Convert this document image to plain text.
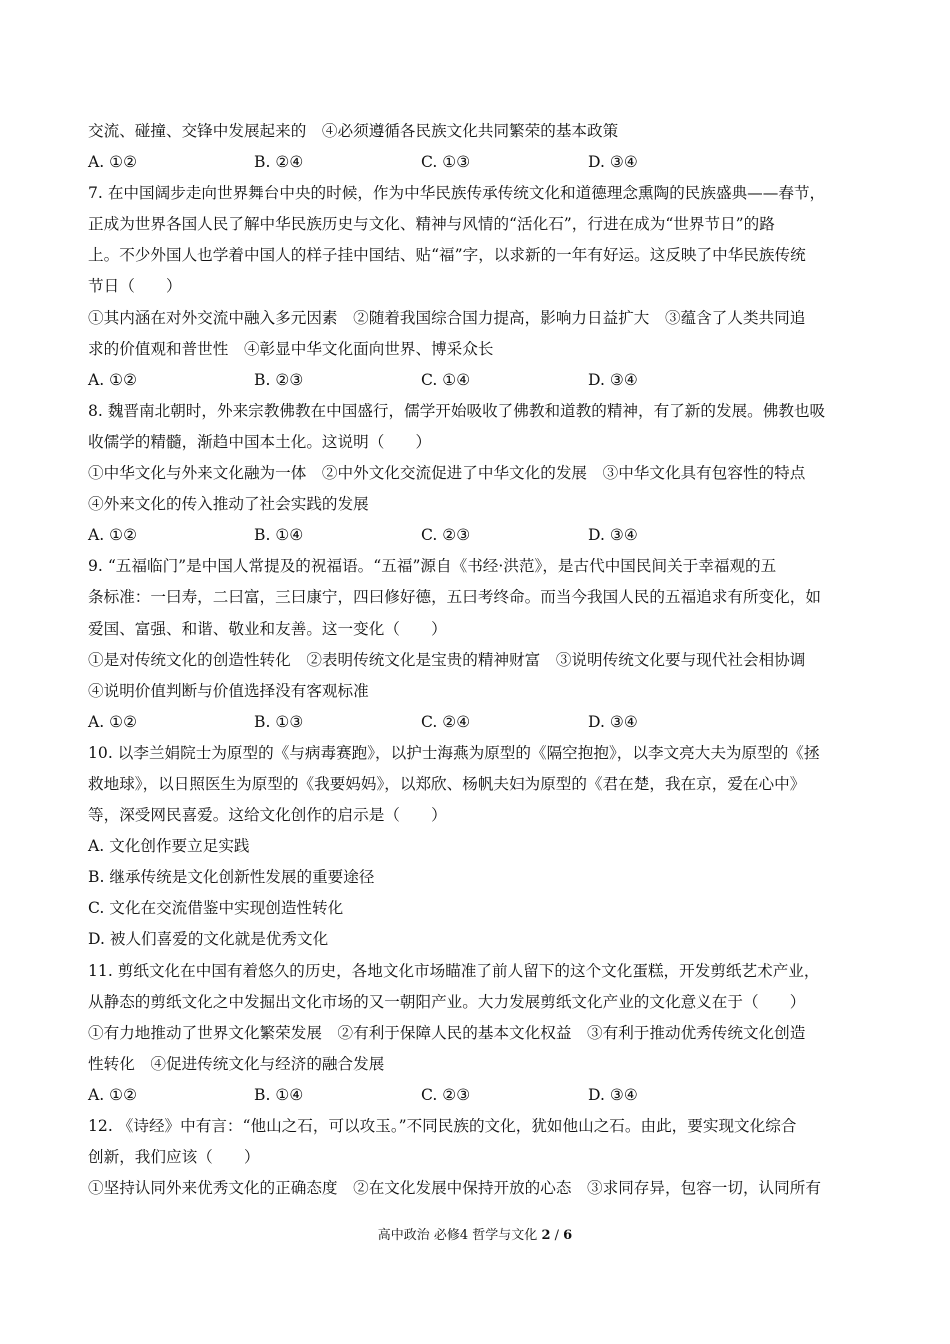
交流、碰撞、交锋中发展起来的　④必须遵循各民族文化共同繁荣的基本政策
A. ①②	B. ②④	C. ①③	D. ③④
7. 在中国阔步走向世界舞台中央的时候，作为中华民族传承传统文化和道德理念熏陶的民族盛典——春节，
正成为世界各国人民了解中华民族历史与文化、精神与风情的“活化石”，行进在成为“世界节日”的路
上。不少外国人也学着中国人的样子挂中国结、贴“福”字，以求新的一年有好运。这反映了中华民族传统
节日（　　）
①其内涵在对外交流中融入多元因素　②随着我国综合国力提高，影响力日益扩大　③蕴含了人类共同追
求的价值观和普世性　④彰显中华文化面向世界、博采众长
A. ①②	B. ②③	C. ①④	D. ③④
8. 魏晋南北朝时，外来宗教佛教在中国盛行，儒学开始吸收了佛教和道教的精神，有了新的发展。佛教也吸
收儒学的精髓，渐趋中国本土化。这说明（　　）
①中华文化与外来文化融为一体　②中外文化交流促进了中华文化的发展　③中华文化具有包容性的特点
④外来文化的传入推动了社会实践的发展
A. ①②	B. ①④	C. ②③	D. ③④
9. “五福临门”是中国人常提及的祝福语。“五福”源自《书经·洪范》，是古代中国民间关于幸福观的五
条标准：一曰寿，二曰富，三曰康宁，四曰修好德，五曰考终命。而当今我国人民的五福追求有所变化，如
爱国、富强、和谐、敬业和友善。这一变化（　　）
①是对传统文化的创造性转化　②表明传统文化是宝贵的精神财富　③说明传统文化要与现代社会相协调
④说明价值判断与价值选择没有客观标准
A. ①②	B. ①③	C. ②④	D. ③④
10. 以李兰娟院士为原型的《与病毒赛跑》，以护士海燕为原型的《隔空抱抱》，以李文亮大夫为原型的《拯
救地球》，以日照医生为原型的《我要妈妈》，以郑欣、杨帆夫妇为原型的《君在楚，我在京，爱在心中》
等，深受网民喜爱。这给文化创作的启示是（　　）
A. 文化创作要立足实践
B. 继承传统是文化创新性发展的重要途径
C. 文化在交流借鉴中实现创造性转化
D. 被人们喜爱的文化就是优秀文化
11. 剪纸文化在中国有着悠久的历史，各地文化市场瞄准了前人留下的这个文化蛋糕，开发剪纸艺术产业，
从静态的剪纸文化之中发掘出文化市场的又一朝阳产业。大力发展剪纸文化产业的文化意义在于（　　）
①有力地推动了世界文化繁荣发展　②有利于保障人民的基本文化权益　③有利于推动优秀传统文化创造
性转化　④促进传统文化与经济的融合发展
A. ①②	B. ①④	C. ②③	D. ③④
12. 《诗经》中有言：“他山之石，可以攻玉。”不同民族的文化，犹如他山之石。由此，要实现文化综合
创新，我们应该（　　）
①坚持认同外来优秀文化的正确态度　②在文化发展中保持开放的心态　③求同存异，包容一切，认同所有
高中政治 必修4 哲学与文化 2 / 6
